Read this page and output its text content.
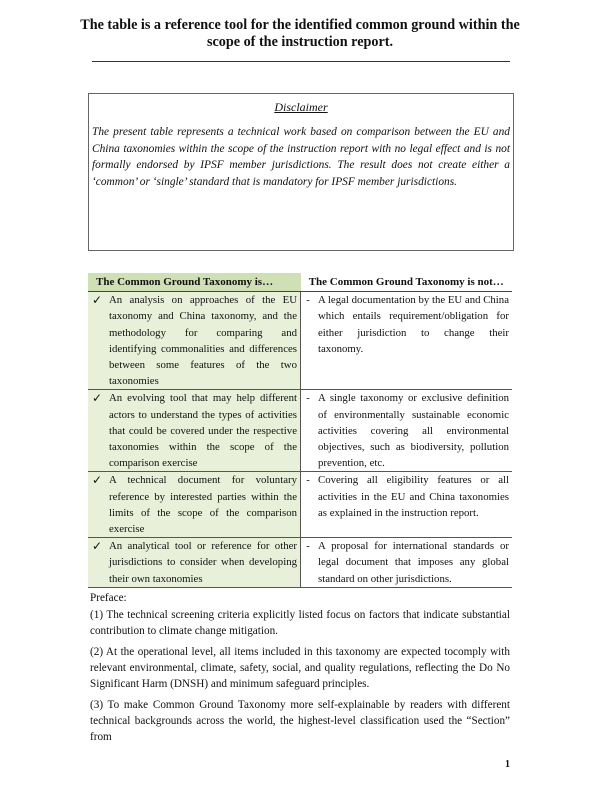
The table is a reference tool for the identified common ground within the scope of the instruction report.
Disclaimer
The present table represents a technical work based on comparison between the EU and China taxonomies within the scope of the instruction report with no legal effect and is not formally endorsed by IPSF member jurisdictions. The result does not create either a ‘common’ or ‘single’ standard that is mandatory for IPSF member jurisdictions.
The Common Ground Taxonomy is…		The Common Ground Taxonomy is not…	
✓	An analysis on approaches of the EU taxonomy and China taxonomy, and the methodology for comparing and identifying commonalities and differences between some features of the two taxonomies	-	A legal documentation by the EU and China which entails requirement/obligation for either jurisdiction to change their taxonomy.
✓	An evolving tool that may help different actors to understand the types of activities that could be covered under the respective taxonomies within the scope of the comparison exercise	-	A single taxonomy or exclusive definition of environmentally sustainable economic activities covering all environmental objectives, such as biodiversity, pollution prevention, etc.
✓	A technical document for voluntary reference by interested parties within the limits of the scope of the comparison exercise	-	Covering all eligibility features or all activities in the EU and China taxonomies as explained in the instruction report.
✓	An analytical tool or reference for other jurisdictions to consider when developing their own taxonomies	-	A proposal for international standards or legal document that imposes any global standard on other jurisdictions.

Preface:

(1) The technical screening criteria explicitly listed focus on factors that indicate substantial contribution to climate change mitigation.

(2) At the operational level, all items included in this taxonomy are expected tocomply with relevant environmental, climate, safety, social, and quality regulations, reflecting the Do No Significant Harm (DNSH) and minimum safeguard principles.

(3) To make Common Ground Taxonomy more self-explainable by readers with different technical backgrounds across the world, the highest-level classification used the “Section” from

1
